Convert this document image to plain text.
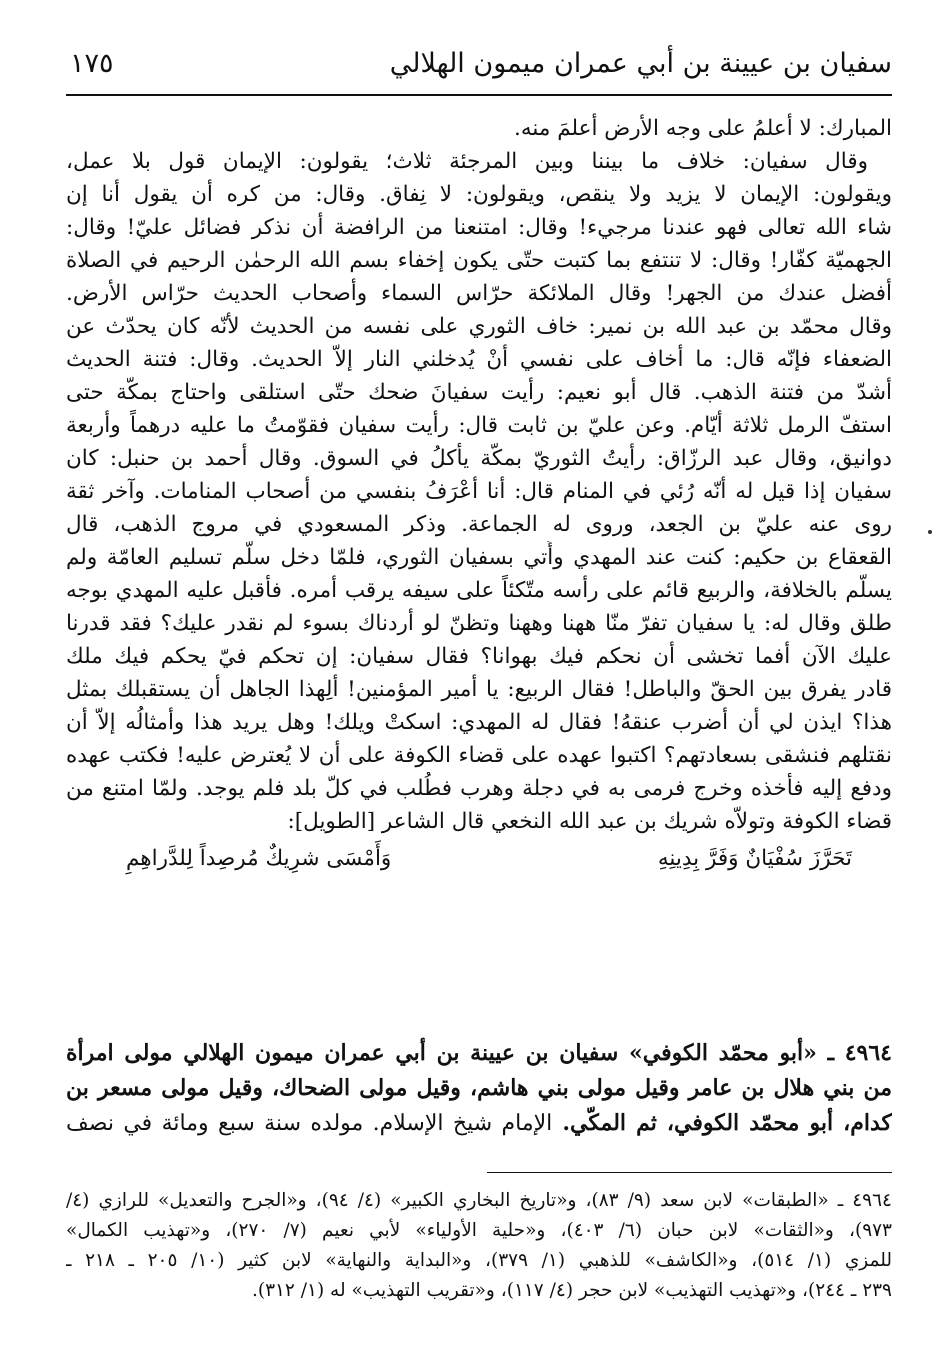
سفيان بن عيينة بن أبي عمران ميمون الهلالي
١٧٥
المبارك: لا أعلمُ على وجه الأرض أعلمَ منه.
وقال سفيان: خلاف ما بيننا وبين المرجئة ثلاث؛ يقولون: الإيمان قول بلا عمل،
ويقولون: الإيمان لا يزيد ولا ينقص، ويقولون: لا نِفاق. وقال: من كره أن يقول أنا إن
شاء الله تعالى فهو عندنا مرجيء! وقال: امتنعنا من الرافضة أن نذكر فضائل عليّ! وقال:
الجهميّة كفّار! وقال: لا تنتفع بما كتبت حتّى يكون إخفاء بسم الله الرحمٰن الرحيم في الصلاة
أفضل عندك من الجهر! وقال الملائكة حرّاس السماء وأصحاب الحديث حرّاس الأرض.
وقال محمّد بن عبد الله بن نمير: خاف الثوري على نفسه من الحديث لأنّه كان يحدّث عن
الضعفاء فإنّه قال: ما أخاف على نفسي أنْ يُدخلني النار إلاّ الحديث. وقال: فتنة الحديث
أشدّ من فتنة الذهب. قال أبو نعيم: رأيت سفيانَ ضحك حتّى استلقى واحتاج بمكّة حتى
استفّ الرمل ثلاثة أيّام. وعن عليّ بن ثابت قال: رأيت سفيان فقوّمتُ ما عليه درهماً وأربعة
دوانيق، وقال عبد الرزّاق: رأيتُ الثوريّ بمكّة يأكلُ في السوق. وقال أحمد بن حنبل: كان
سفيان إذا قيل له أنّه رُئي في المنام قال: أنا أعْرَفُ بنفسي من أصحاب المنامات. وآخر ثقة
روى عنه عليّ بن الجعد، وروى له الجماعة. وذكر المسعودي في مروج الذهب، قال
القعقاع بن حكيم: كنت عند المهدي وأُتي بسفيان الثوري، فلمّا دخل سلّم تسليم العامّة ولم
يسلّم بالخلافة، والربيع قائم على رأسه متّكئاً على سيفه يرقب أمره. فأقبل عليه المهدي بوجه
طلق وقال له: يا سفيان تفرّ منّا ههنا وههنا وتظنّ لو أردناك بسوء لم نقدر عليك؟ فقد قدرنا
عليك الآن أفما تخشى أن نحكم فيك بهوانا؟ فقال سفيان: إن تحكم فيّ يحكم فيك ملك
قادر يفرق بين الحقّ والباطل! فقال الربيع: يا أمير المؤمنين! ألِهذا الجاهل أن يستقبلك بمثل
هذا؟ ايذن لي أن أضرب عنقهُ! فقال له المهدي: اسكتْ ويلك! وهل يريد هذا وأمثالُه إلاّ أن
نقتلهم فنشقى بسعادتهم؟ اكتبوا عهده على قضاء الكوفة على أن لا يُعترض عليه! فكتب عهده
ودفع إليه فأخذه وخرج فرمى به في دجلة وهرب فطُلب في كلّ بلد فلم يوجد. ولمّا امتنع من
قضاء الكوفة وتولاّه شريك بن عبد الله النخعي قال الشاعر [الطويل]:
تَحَرَّزَ سُفْيَانٌ وَفَرَّ بِدِينِهِ
وَأَمْسَى شرِيكٌ مُرصِداً لِلدَّراهِمِ
٤٩٦٤ ـ «أبو محمّد الكوفي» سفيان بن عيينة بن أبي عمران ميمون الهلالي مولى امرأة
من بني هلال بن عامر وقيل مولى بني هاشم، وقيل مولى الضحاك، وقيل مولى مسعر بن
كدام، أبو محمّد الكوفي، ثم المكّي. الإمام شيخ الإسلام. مولده سنة سبع ومائة في نصف
٤٩٦٤ ـ «الطبقات» لابن سعد (٩/ ٨٣)، و«تاريخ البخاري الكبير» (٤/ ٩٤)، و«الجرح والتعديل» للرازي (٤/
٩٧٣)، و«الثقات» لابن حبان (٦/ ٤٠٣)، و«حلية الأولياء» لأبي نعيم (٧/ ٢٧٠)، و«تهذيب الكمال»
للمزي (١/ ٥١٤)، و«الكاشف» للذهبي (١/ ٣٧٩)، و«البداية والنهاية» لابن كثير (١٠/ ٢٠٥ ـ ٢١٨ ـ
٢٣٩ ـ ٢٤٤)، و«تهذيب التهذيب» لابن حجر (٤/ ١١٧)، و«تقريب التهذيب» له (١/ ٣١٢).
